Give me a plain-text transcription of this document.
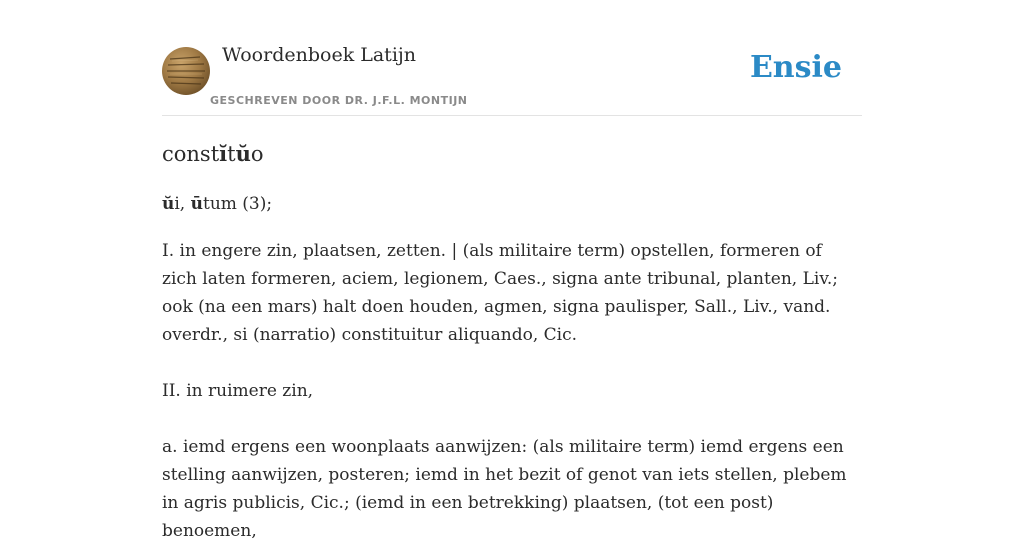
Woordenboek Latijn
GESCHREVEN DOOR DR. J.F.L. MONTIJN
Ensie
constĭtŭo

ŭi, ūtum (3);

I. in engere zin, plaatsen, zetten. | (als militaire term) opstellen, formeren of zich laten formeren, aciem, legionem, Caes., signa ante tribunal, planten, Liv.; ook (na een mars) halt doen houden, agmen, signa paulisper, Sall., Liv., vand. overdr., si (narratio) constituitur aliquando, Cic.

II. in ruimere zin,

a. iemd ergens een woonplaats aanwijzen: (als militaire term) iemd ergens een stelling aanwijzen, posteren; iemd in het bezit of genot van iets stellen, plebem in agris publicis, Cic.; (iemd in een betrekking) plaatsen, (tot een post) benoemen,
